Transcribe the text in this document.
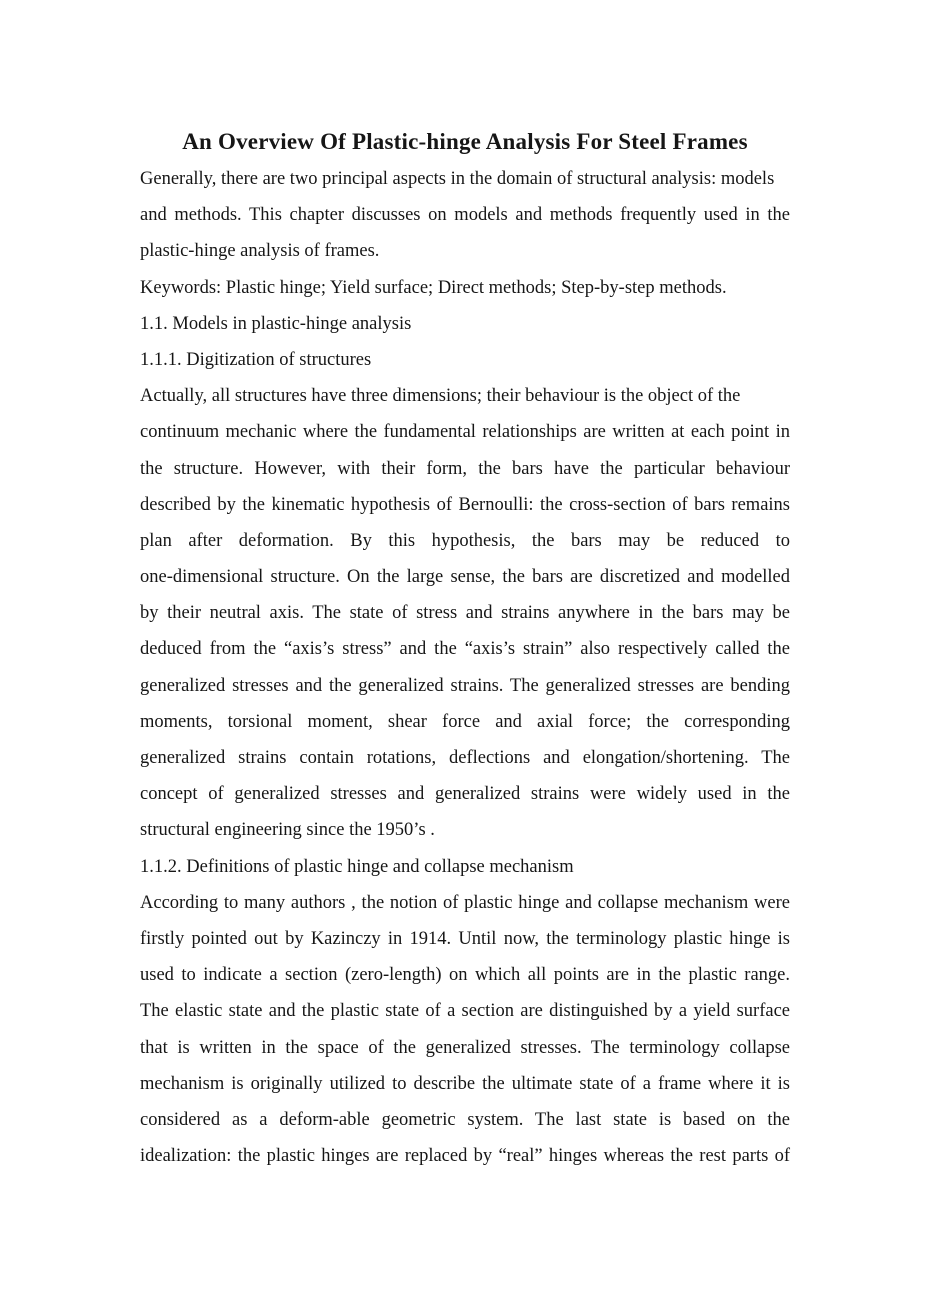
An Overview Of Plastic-hinge Analysis For Steel Frames
Generally, there are two principal aspects in the domain of structural analysis: models
and methods. This chapter discusses on models and methods frequently used in the
plastic-hinge analysis of frames.
Keywords: Plastic hinge; Yield surface; Direct methods; Step-by-step methods.
1.1. Models in plastic-hinge analysis
1.1.1. Digitization of structures
Actually, all structures have three dimensions; their behaviour is the object of the
continuum mechanic where the fundamental relationships are written at each point in
the structure. However, with their form, the bars have the particular behaviour
described by the kinematic hypothesis of Bernoulli: the cross-section of bars remains
plan after deformation. By this hypothesis, the bars may be reduced to
one-dimensional structure. On the large sense, the bars are discretized and modelled
by their neutral axis. The state of stress and strains anywhere in the bars may be
deduced from the “axis’s stress” and the “axis’s strain” also respectively called the
generalized stresses and the generalized strains. The generalized stresses are bending
moments, torsional moment, shear force and axial force; the corresponding
generalized strains contain rotations, deflections and elongation/shortening. The
concept of generalized stresses and generalized strains were widely used in the
structural engineering since the 1950’s .
1.1.2. Definitions of plastic hinge and collapse mechanism
According to many authors , the notion of plastic hinge and collapse mechanism were
firstly pointed out by Kazinczy in 1914. Until now, the terminology plastic hinge is
used to indicate a section (zero-length) on which all points are in the plastic range.
The elastic state and the plastic state of a section are distinguished by a yield surface
that is written in the space of the generalized stresses. The terminology collapse
mechanism is originally utilized to describe the ultimate state of a frame where it is
considered as a deform-able geometric system. The last state is based on the
idealization: the plastic hinges are replaced by “real” hinges whereas the rest parts of
